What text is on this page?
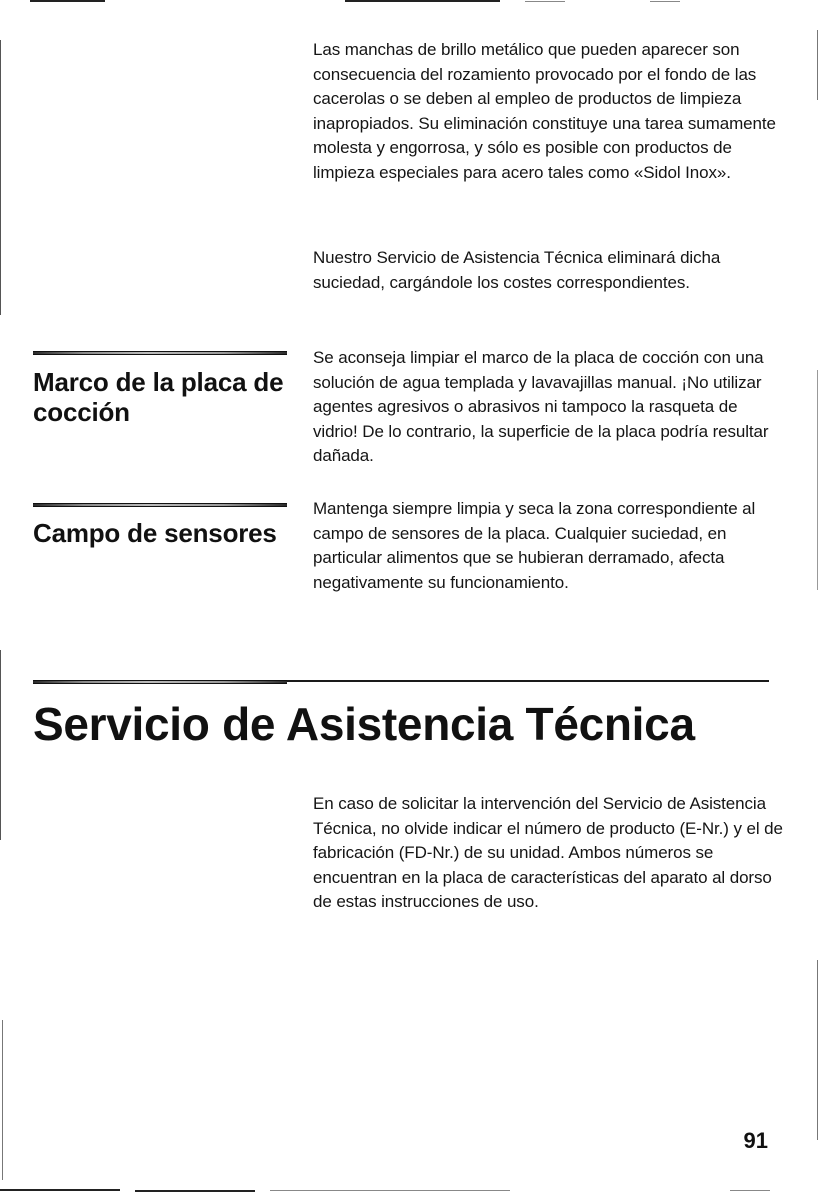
Las manchas de brillo metálico que pueden aparecer son consecuencia del rozamiento provocado por el fondo de las cacerolas o se deben al empleo de productos de limpieza inapropiados. Su eliminación constituye una tarea sumamente molesta y engorrosa, y sólo es posible con productos de limpieza especiales para acero tales como «Sidol Inox».

Nuestro Servicio de Asistencia Técnica eliminará dicha suciedad, cargándole los costes correspondientes.

Marco de la placa de cocción

Se aconseja limpiar el marco de la placa de cocción con una solución de agua templada y lavavajillas manual. ¡No utilizar agentes agresivos o abrasivos ni tampoco la rasqueta de vidrio! De lo contrario, la superficie de la placa podría resultar dañada.

Campo de sensores

Mantenga siempre limpia y seca la zona correspondiente al campo de sensores de la placa. Cualquier suciedad, en particular alimentos que se hubieran derramado, afecta negativamente su funcionamiento.

Servicio de Asistencia Técnica

En caso de solicitar la intervención del Servicio de Asistencia Técnica, no olvide indicar el número de producto (E-Nr.) y el de fabricación (FD-Nr.) de su unidad. Ambos números se encuentran en la placa de características del aparato al dorso de estas instrucciones de uso.

91
